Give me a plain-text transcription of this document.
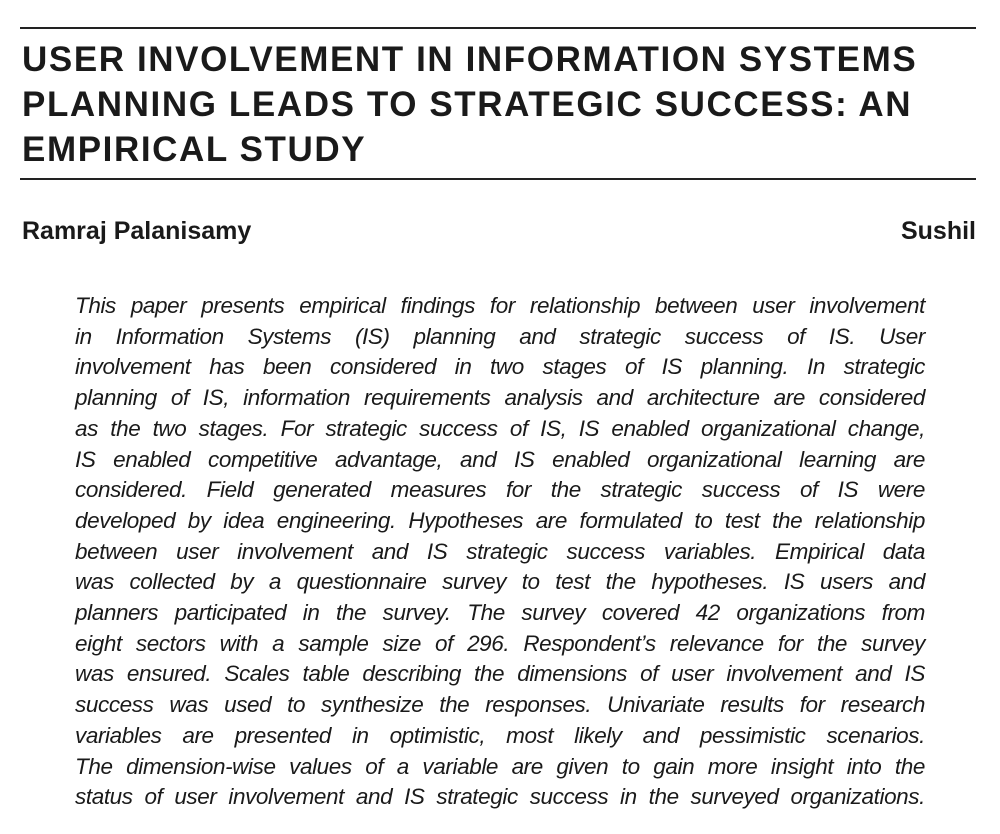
USER INVOLVEMENT IN INFORMATION SYSTEMS
PLANNING LEADS TO STRATEGIC SUCCESS: AN
EMPIRICAL STUDY
Ramraj Palanisamy	Sushil
This paper presents empirical findings for relationship between user involvement
in Information Systems (IS) planning and strategic success of IS. User
involvement has been considered in two stages of IS planning. In strategic
planning of IS, information requirements analysis and architecture are considered
as the two stages. For strategic success of IS, IS enabled organizational change,
IS enabled competitive advantage, and IS enabled organizational learning are
considered. Field generated measures for the strategic success of IS were
developed by idea engineering. Hypotheses are formulated to test the relationship
between user involvement and IS strategic success variables. Empirical data
was collected by a questionnaire survey to test the hypotheses. IS users and
planners participated in the survey. The survey covered 42 organizations from
eight sectors with a sample size of 296. Respondent’s relevance for the survey
was ensured. Scales table describing the dimensions of user involvement and IS
success was used to synthesize the responses. Univariate results for research
variables are presented in optimistic, most likely and pessimistic scenarios.
The dimension-wise values of a variable are given to gain more insight into the
status of user involvement and IS strategic success in the surveyed organizations.
